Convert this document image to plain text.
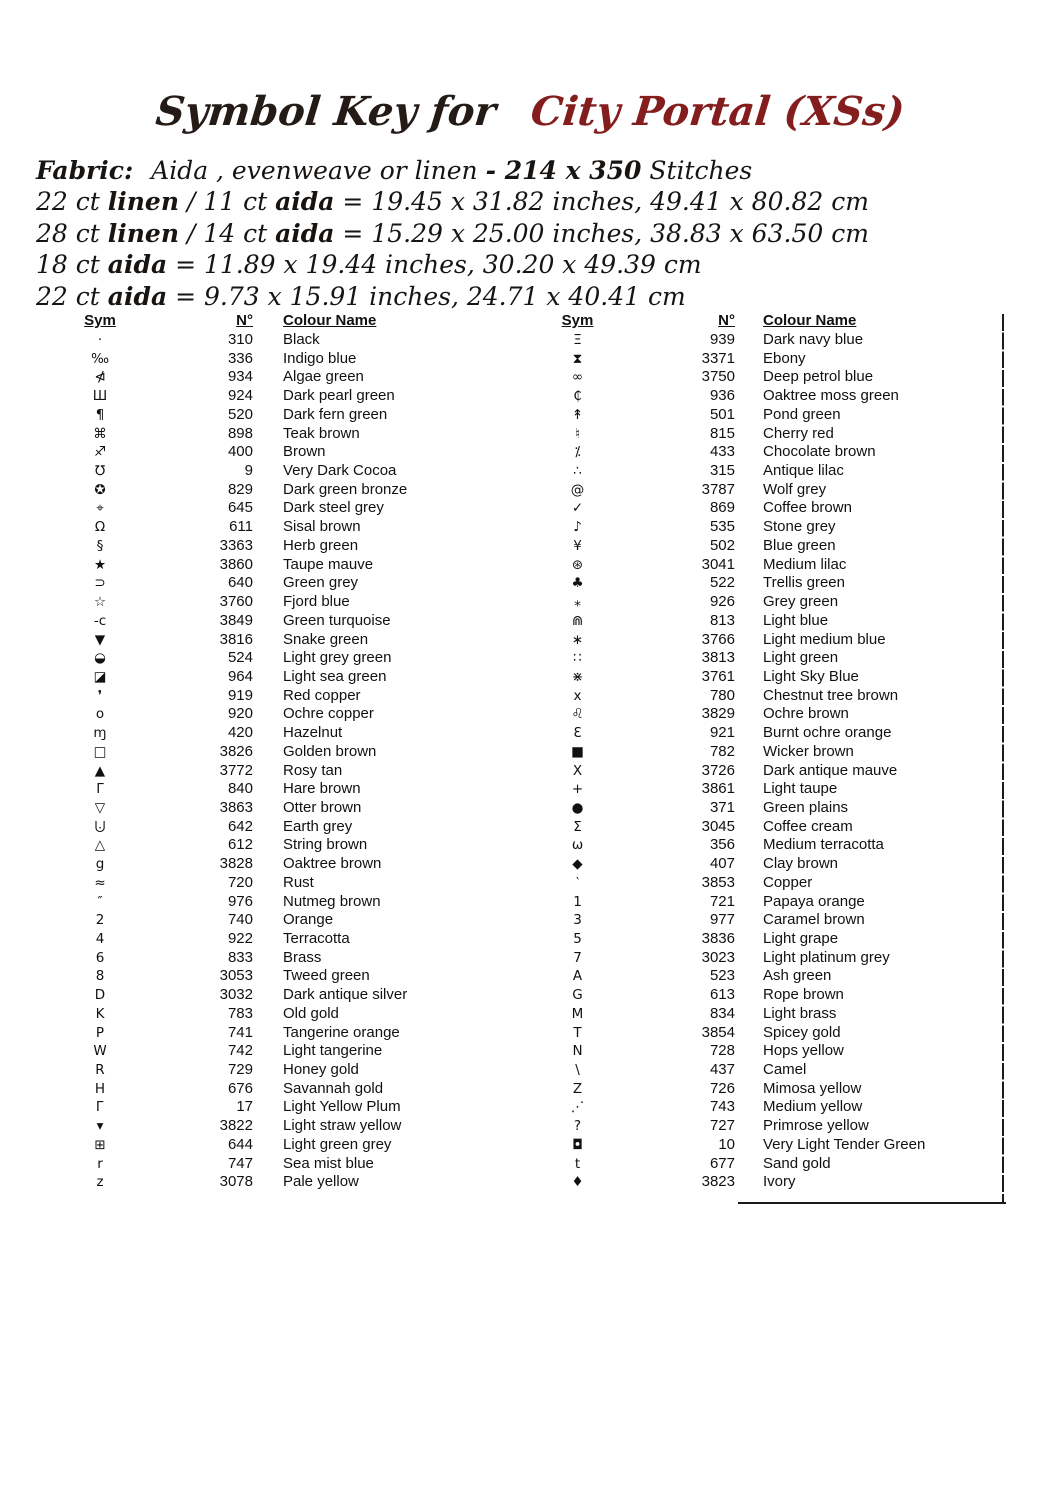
Symbol Key for City Portal (XSs)
Fabric: Aida , evenweave or linen - 214 x 350 Stitches
22 ct linen / 11 ct aida = 19.45 x 31.82 inches, 49.41 x 80.82 cm
28 ct linen / 14 ct aida = 15.29 x 25.00 inches, 38.83 x 63.50 cm
18 ct aida = 11.89 x 19.44 inches, 30.20 x 49.39 cm
22 ct aida = 9.73 x 15.91 inches, 24.71 x 40.41 cm
Sym	N°	Colour Name
·	310	Black
‰	336	Indigo blue
⋪	934	Algae green
Ш	924	Dark pearl green
¶	520	Dark fern green
⌘	898	Teak brown
♐	400	Brown
℧	9	Very Dark Cocoa
✪	829	Dark green bronze
⌖	645	Dark steel grey
Ω	611	Sisal brown
§	3363	Herb green
★	3860	Taupe mauve
⊃	640	Green grey
☆	3760	Fjord blue
-c	3849	Green turquoise
▼	3816	Snake green
◒	524	Light grey green
◪	964	Light sea green
❜	919	Red copper
o	920	Ochre copper
ɱ	420	Hazelnut
□	3826	Golden brown
▲	3772	Rosy tan
Γ	840	Hare brown
▽	3863	Otter brown
⨃	642	Earth grey
△	612	String brown
g	3828	Oaktree brown
≈	720	Rust
″	976	Nutmeg brown
2	740	Orange
4	922	Terracotta
6	833	Brass
8	3053	Tweed green
D	3032	Dark antique silver
K	783	Old gold
P	741	Tangerine orange
W	742	Light tangerine
R	729	Honey gold
H	676	Savannah gold
Г	17	Light Yellow Plum
▾	3822	Light straw yellow
⊞	644	Light green grey
r	747	Sea mist blue
z	3078	Pale yellow
Sym	N°	Colour Name
Ξ	939	Dark navy blue
⧗	3371	Ebony
∞	3750	Deep petrol blue
₵	936	Oaktree moss green
↟	501	Pond green
♮	815	Cherry red
⁒	433	Chocolate brown
∴	315	Antique lilac
@	3787	Wolf grey
✓	869	Coffee brown
♪	535	Stone grey
¥	502	Blue green
⊛	3041	Medium lilac
♣	522	Trellis green
⁎	926	Grey green
⋒	813	Light blue
∗	3766	Light medium blue
∷	3813	Light green
⋇	3761	Light Sky Blue
x	780	Chestnut tree brown
♌	3829	Ochre brown
Ɛ	921	Burnt ochre orange
■	782	Wicker brown
X	3726	Dark antique mauve
+	3861	Light taupe
●	371	Green plains
Σ	3045	Coffee cream
ω	356	Medium terracotta
◆	407	Clay brown
‵	3853	Copper
1	721	Papaya orange
3	977	Caramel brown
5	3836	Light grape
7	3023	Light platinum grey
A	523	Ash green
G	613	Rope brown
M	834	Light brass
T	3854	Spicey gold
N	728	Hops yellow
\	437	Camel
Z	726	Mimosa yellow
⋰	743	Medium yellow
?	727	Primrose yellow
◘	10	Very Light Tender Green
t	677	Sand gold
♦	3823	Ivory
